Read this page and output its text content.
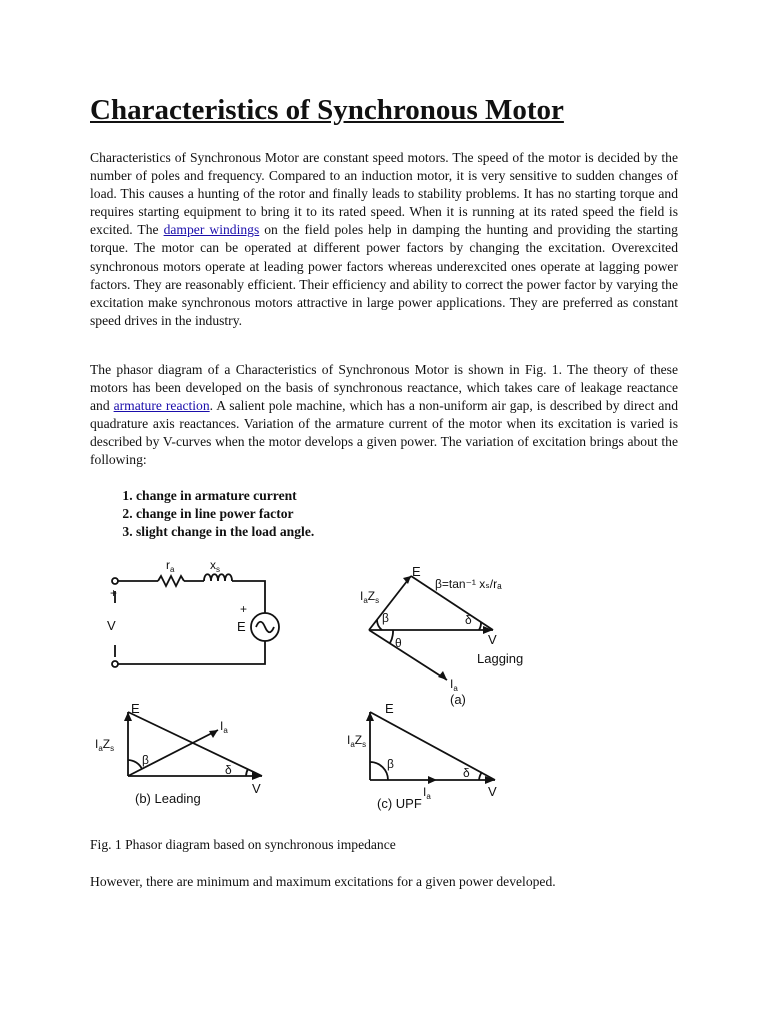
Characteristics of Synchronous Motor

Characteristics of Synchronous Motor are constant speed motors. The speed of the motor is decided by the number of poles and frequency. Compared to an induction motor, it is very sensitive to sudden changes of load. This causes a hunting of the rotor and finally leads to stability problems. It has no starting torque and requires starting equipment to bring it to its rated speed. When it is running at its rated speed the field is excited. The damper windings on the field poles help in damping the hunting and providing the starting torque. The motor can be operated at different power factors by changing the excitation. Overexcited synchronous motors operate at leading power factors whereas underexcited ones operate at lagging power factors. They are reasonably efficient. Their efficiency and ability to correct the power factor by varying the excitation make synchronous motors attractive in large power applications. They are preferred as constant speed drives in the industry.

The phasor diagram of a Characteristics of Synchronous Motor is shown in Fig. 1. The theory of these motors has been developed on the basis of synchronous reactance, which takes care of leakage reactance and armature reaction. A salient pole machine, which has a non-uniform air gap, is described by direct and quadrature axis reactances. Variation of the armature current of the motor when its excitation is varied is described by V-curves when the motor develops a given power. The variation of excitation brings about the following:

1. change in armature current
2. change in line power factor
3. slight change in the load angle.

Fig. 1 Phasor diagram based on synchronous impedance

However, there are minimum and maximum excitations for a given power developed.

$r_a$	$x_s$
+
+
V	E
$I_aZ_s$
E
β=tan⁻¹ xₛ/rₐ
β
θ
δ
V
$I_a$
Lagging
(a)
E
$I_aZ_s$
$I_a$
β
δ
V
(b) Leading
E
$I_aZ_s$
β
δ
$I_a$	V
(c) UPF
